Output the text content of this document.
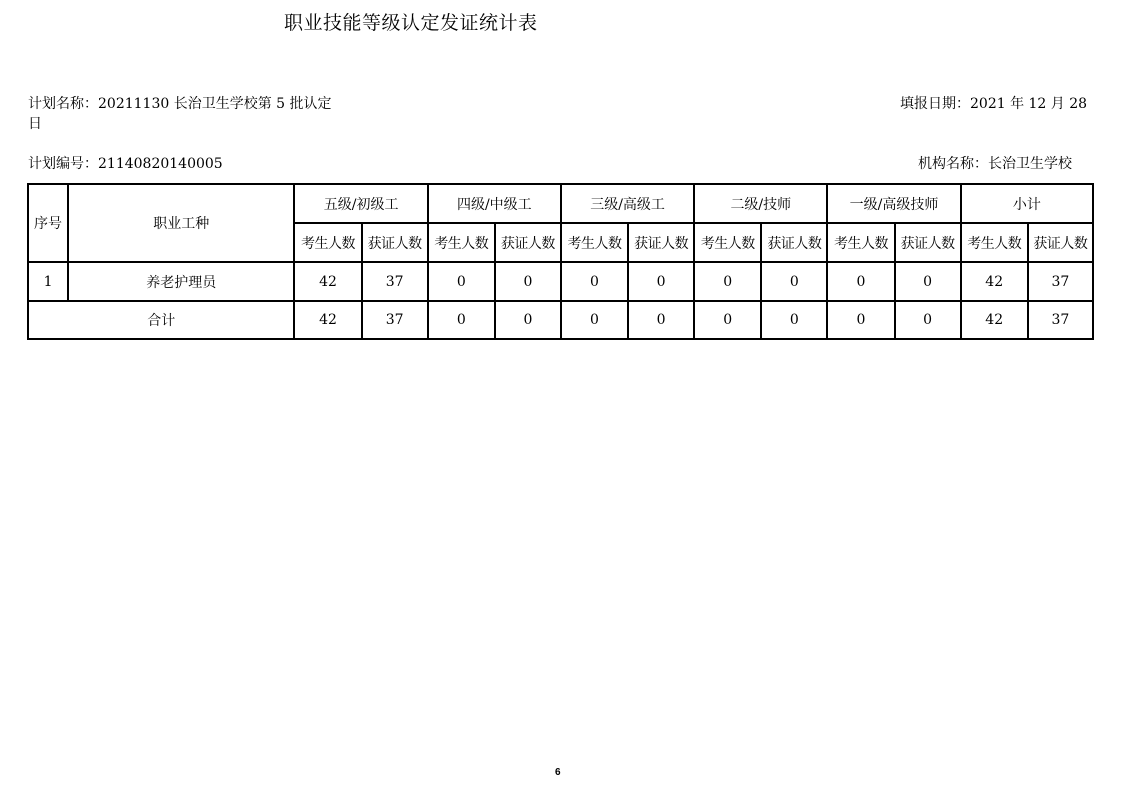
职业技能等级认定发证统计表
计划名称：20211130 长治卫生学校第 5 批认定
日
填报日期：2021 年 12 月 28
计划编号：21140820140005	机构名称：长治卫生学校
序号	职业工种	五级/初级工		四级/中级工		三级/高级工		二级/技师		一级/高级技师		小计	
		考生人数	获证人数	考生人数	获证人数	考生人数	获证人数	考生人数	获证人数	考生人数	获证人数	考生人数	获证人数
1	养老护理员	42	37	0	0	0	0	0	0	0	0	42	37
合计		42	37	0	0	0	0	0	0	0	0	42	37
6
